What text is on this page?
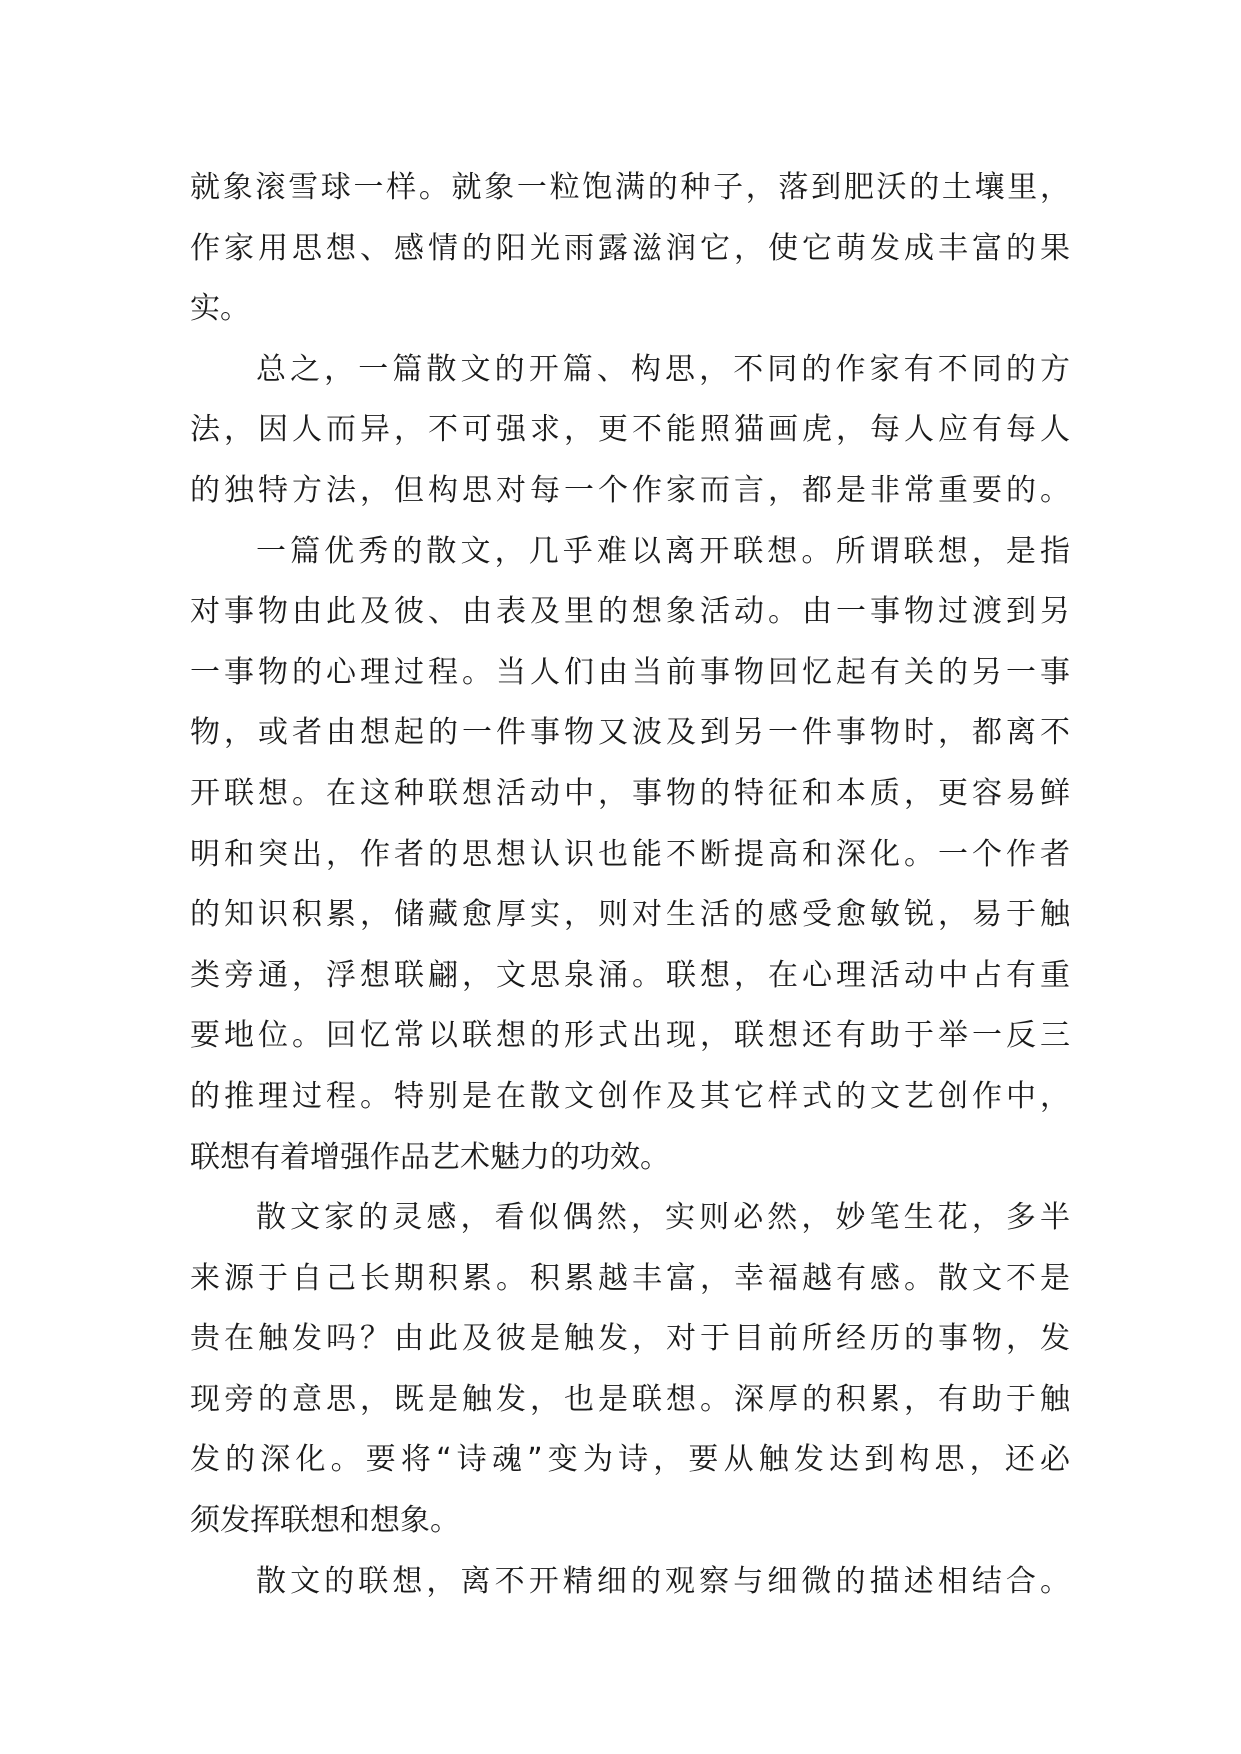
就象滚雪球一样。就象一粒饱满的种子，落到肥沃的土壤里，
作家用思想、感情的阳光雨露滋润它，使它萌发成丰富的果
实。
总之，一篇散文的开篇、构思，不同的作家有不同的方
法，因人而异，不可强求，更不能照猫画虎，每人应有每人
的独特方法，但构思对每一个作家而言，都是非常重要的。
一篇优秀的散文，几乎难以离开联想。所谓联想，是指
对事物由此及彼、由表及里的想象活动。由一事物过渡到另
一事物的心理过程。当人们由当前事物回忆起有关的另一事
物，或者由想起的一件事物又波及到另一件事物时，都离不
开联想。在这种联想活动中，事物的特征和本质，更容易鲜
明和突出，作者的思想认识也能不断提高和深化。一个作者
的知识积累，储藏愈厚实，则对生活的感受愈敏锐，易于触
类旁通，浮想联翩，文思泉涌。联想，在心理活动中占有重
要地位。回忆常以联想的形式出现，联想还有助于举一反三
的推理过程。特别是在散文创作及其它样式的文艺创作中，
联想有着增强作品艺术魅力的功效。
散文家的灵感，看似偶然，实则必然，妙笔生花，多半
来源于自己长期积累。积累越丰富，幸福越有感。散文不是
贵在触发吗？由此及彼是触发，对于目前所经历的事物，发
现旁的意思，既是触发，也是联想。深厚的积累，有助于触
发的深化。要将“诗魂”变为诗，要从触发达到构思，还必
须发挥联想和想象。
散文的联想，离不开精细的观察与细微的描述相结合。
